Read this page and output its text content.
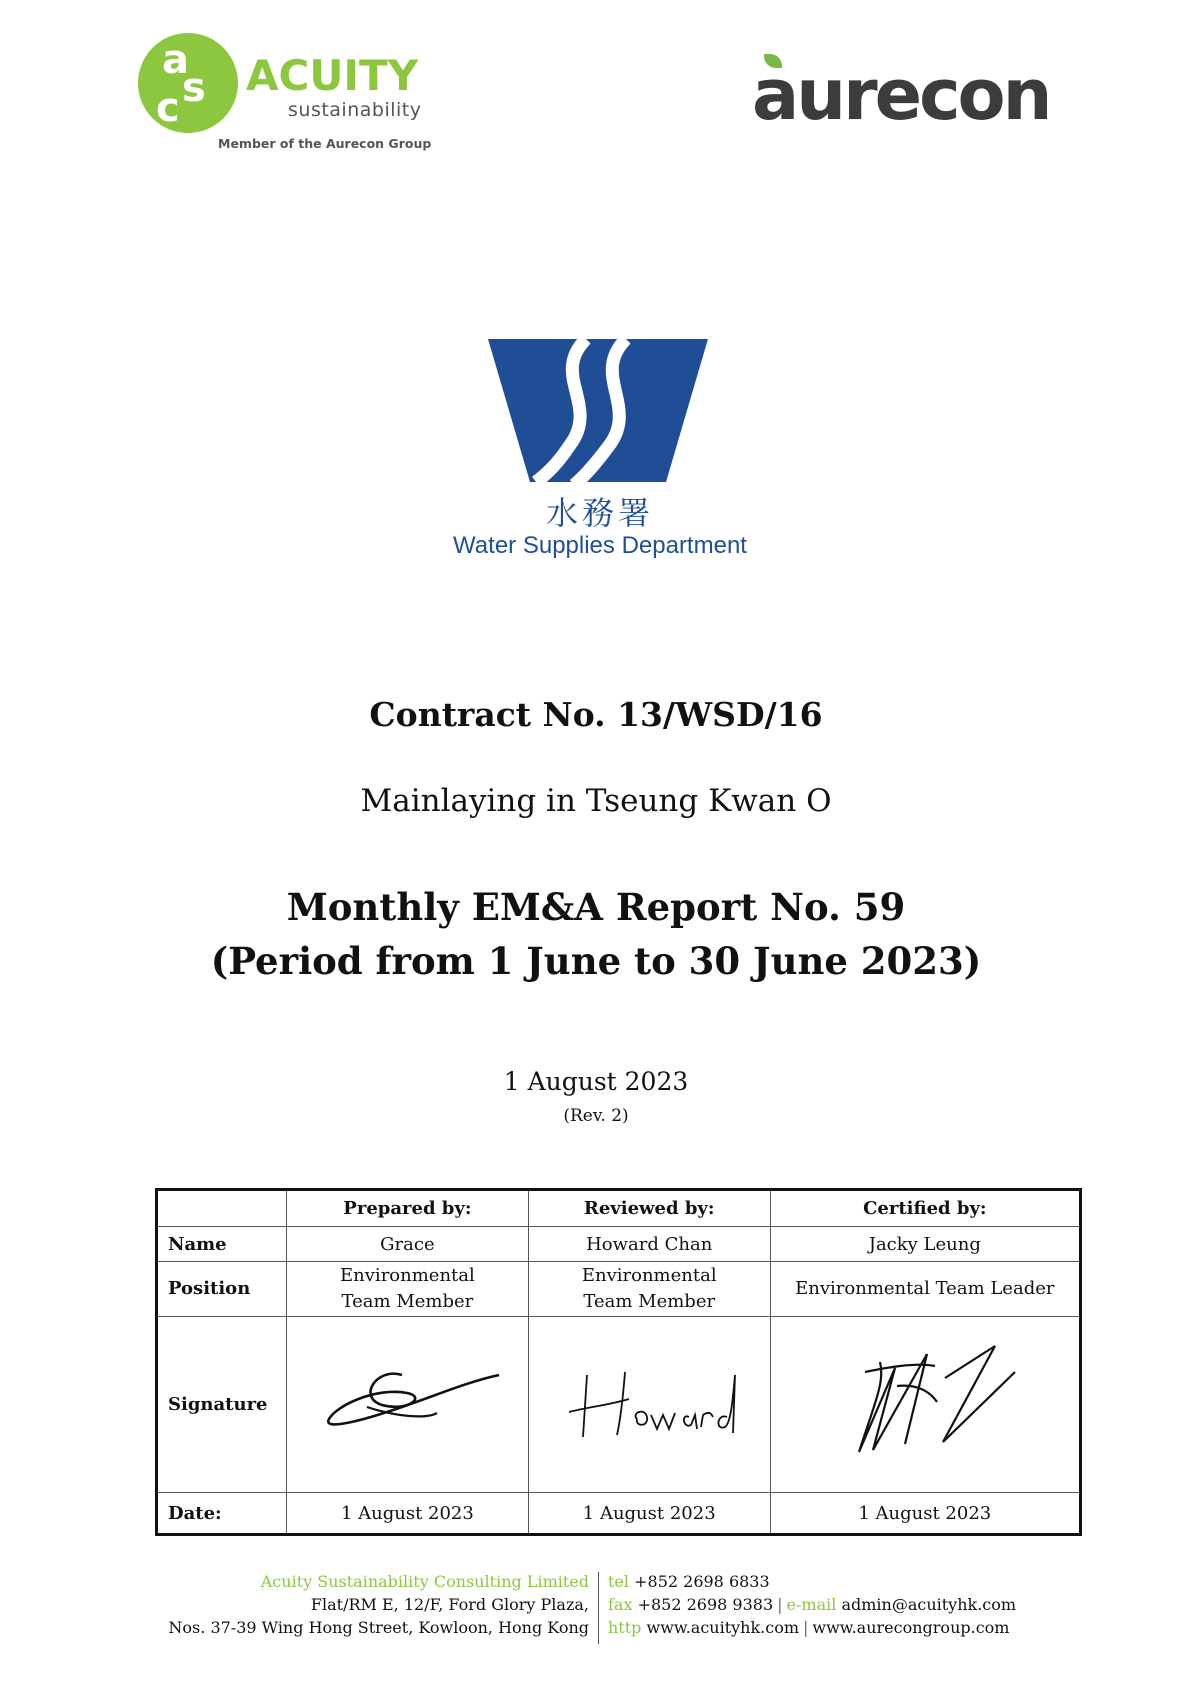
a
s
c
ACUITY
sustainability
Member of the Aurecon Group
aurecon
水務署
Water Supplies Department
Contract No. 13/WSD/16
Mainlaying in Tseung Kwan O
Monthly EM&A Report No. 59
(Period from 1 June to 30 June 2023)
1 August 2023
(Rev. 2)
	Prepared by:	Reviewed by:	Certified by:
Name	Grace	Howard Chan	Jacky Leung
Position	Environmental Team Member	Environmental Team Member	Environmental Team Leader
Signature			
Date:	1 August 2023	1 August 2023	1 August 2023
Acuity Sustainability Consulting Limited
Flat/RM E, 12/F, Ford Glory Plaza,
Nos. 37-39 Wing Hong Street, Kowloon, Hong Kong
tel +852 2698 6833
fax +852 2698 9383 | e-mail admin@acuityhk.com
http www.acuityhk.com | www.aurecongroup.com
